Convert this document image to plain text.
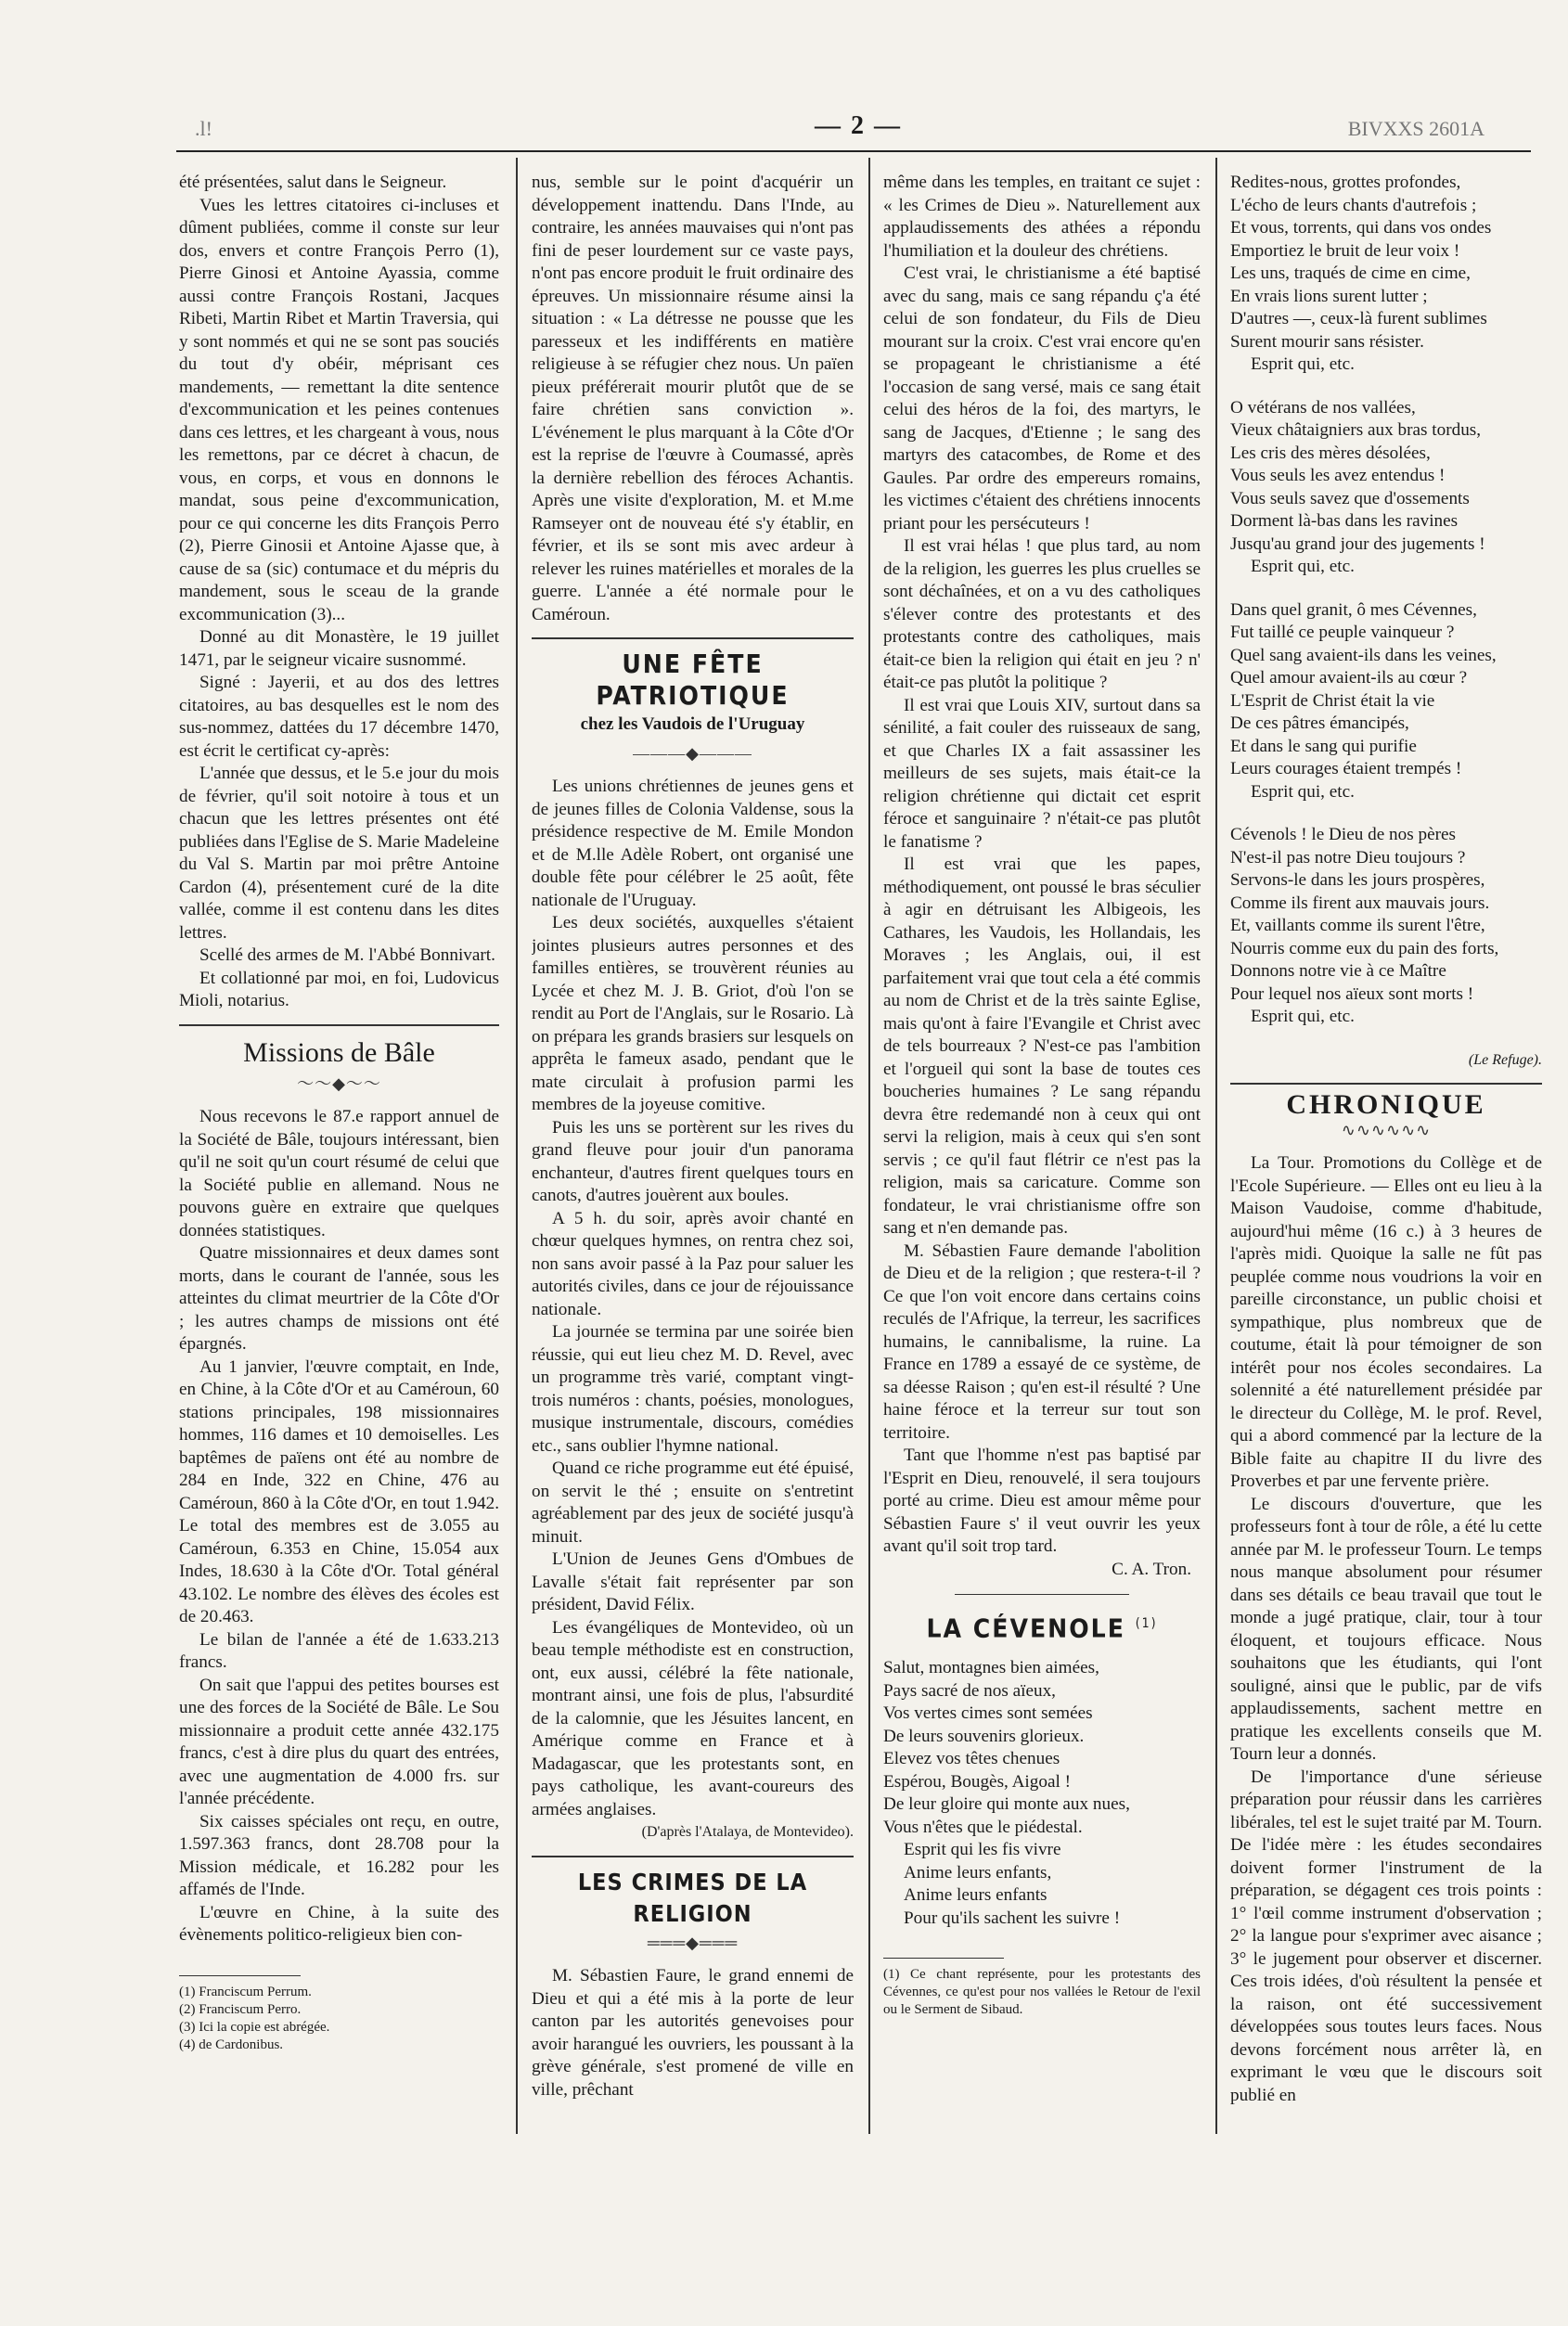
.l!	— 2 —	BIVXXS 2601A

été présentées, salut dans le Seigneur.

Vues les lettres citatoires ci-incluses et dûment publiées, comme il conste sur leur dos, envers et contre François Perro (1), Pierre Ginosi et Antoine Ayassia, comme aussi contre François Rostani, Jacques Ribeti, Martin Ribet et Martin Traversia, qui y sont nommés et qui ne se sont pas souciés du tout d'y obéir, méprisant ces mandements, — remettant la dite sentence d'excommunication et les peines contenues dans ces lettres, et les chargeant à vous, nous les remettons, par ce décret à chacun, de vous, en corps, et vous en donnons le mandat, sous peine d'excommunication, pour ce qui concerne les dits François Perro (2), Pierre Ginosii et Antoine Ajasse que, à cause de sa (sic) contumace et du mépris du mandement, sous le sceau de la grande excommunication (3)...

Donné au dit Monastère, le 19 juillet 1471, par le seigneur vicaire susnommé.

Signé : Jayerii, et au dos des lettres citatoires, au bas desquelles est le nom des sus-nommez, dattées du 17 décembre 1470, est écrit le certificat cy-après:

L'année que dessus, et le 5.e jour du mois de février, qu'il soit notoire à tous et un chacun que les lettres présentes ont été publiées dans l'Eglise de S. Marie Madeleine du Val S. Martin par moi prêtre Antoine Cardon (4), présentement curé de la dite vallée, comme il est contenu dans les dites lettres.

Scellé des armes de M. l'Abbé Bonnivart.

Et collationné par moi, en foi, Ludovicus Mioli, notarius.

Missions de Bâle
～～◆～～

Nous recevons le 87.e rapport annuel de la Société de Bâle, toujours intéressant, bien qu'il ne soit qu'un court résumé de celui que la Société publie en allemand. Nous ne pouvons guère en extraire que quelques données statistiques.

Quatre missionnaires et deux dames sont morts, dans le courant de l'année, sous les atteintes du climat meurtrier de la Côte d'Or ; les autres champs de missions ont été épargnés.

Au 1 janvier, l'œuvre comptait, en Inde, en Chine, à la Côte d'Or et au Caméroun, 60 stations principales, 198 missionnaires hommes, 116 dames et 10 demoiselles. Les baptêmes de païens ont été au nombre de 284 en Inde, 322 en Chine, 476 au Caméroun, 860 à la Côte d'Or, en tout 1.942. Le total des membres est de 3.055 au Caméroun, 6.353 en Chine, 15.054 aux Indes, 18.630 à la Côte d'Or. Total général 43.102. Le nombre des élèves des écoles est de 20.463.

Le bilan de l'année a été de 1.633.213 francs.

On sait que l'appui des petites bourses est une des forces de la Société de Bâle. Le Sou missionnaire a produit cette année 432.175 francs, c'est à dire plus du quart des entrées, avec une augmentation de 4.000 frs. sur l'année précédente.

Six caisses spéciales ont reçu, en outre, 1.597.363 francs, dont 28.708 pour la Mission médicale, et 16.282 pour les affamés de l'Inde.

L'œuvre en Chine, à la suite des évènements politico-religieux bien con-

(1) Franciscum Perrum.

(2) Franciscum Perro.

(3) Ici la copie est abrégée.

(4) de Cardonibus.

nus, semble sur le point d'acquérir un développement inattendu. Dans l'Inde, au contraire, les années mauvaises qui n'ont pas fini de peser lourdement sur ce vaste pays, n'ont pas encore produit le fruit ordinaire des épreuves. Un missionnaire résume ainsi la situation : « La détresse ne pousse que les paresseux et les indifférents en matière religieuse à se réfugier chez nous. Un païen pieux préférerait mourir plutôt que de se faire chrétien sans conviction ». L'événement le plus marquant à la Côte d'Or est la reprise de l'œuvre à Coumassé, après la dernière rebellion des féroces Achantis. Après une visite d'exploration, M. et M.me Ramseyer ont de nouveau été s'y établir, en février, et ils se sont mis avec ardeur à relever les ruines matérielles et morales de la guerre. L'année a été normale pour le Caméroun.

UNE FÊTE PATRIOTIQUE
chez les Vaudois de l'Uruguay
———◆———

Les unions chrétiennes de jeunes gens et de jeunes filles de Colonia Valdense, sous la présidence respective de M. Emile Mondon et de M.lle Adèle Robert, ont organisé une double fête pour célébrer le 25 août, fête nationale de l'Uruguay.

Les deux sociétés, auxquelles s'étaient jointes plusieurs autres personnes et des familles entières, se trouvèrent réunies au Lycée et chez M. J. B. Griot, d'où l'on se rendit au Port de l'Anglais, sur le Rosario. Là on prépara les grands brasiers sur lesquels on apprêta le fameux asado, pendant que le mate circulait à profusion parmi les membres de la joyeuse comitive.

Puis les uns se portèrent sur les rives du grand fleuve pour jouir d'un panorama enchanteur, d'autres firent quelques tours en canots, d'autres jouèrent aux boules.

A 5 h. du soir, après avoir chanté en chœur quelques hymnes, on rentra chez soi, non sans avoir passé à la Paz pour saluer les autorités civiles, dans ce jour de réjouissance nationale.

La journée se termina par une soirée bien réussie, qui eut lieu chez M. D. Revel, avec un programme très varié, comptant vingt-trois numéros : chants, poésies, monologues, musique instrumentale, discours, comédies etc., sans oublier l'hymne national.

Quand ce riche programme eut été épuisé, on servit le thé ; ensuite on s'entretint agréablement par des jeux de société jusqu'à minuit.

L'Union de Jeunes Gens d'Ombues de Lavalle s'était fait représenter par son président, David Félix.

Les évangéliques de Montevideo, où un beau temple méthodiste est en construction, ont, eux aussi, célébré la fête nationale, montrant ainsi, une fois de plus, l'absurdité de la calomnie, que les Jésuites lancent, en Amérique comme en France et à Madagascar, que les protestants sont, en pays catholique, les avant-coureurs des armées anglaises.

(D'après l'Atalaya, de Montevideo).

LES CRIMES DE LA RELIGION
═══◆═══

M. Sébastien Faure, le grand ennemi de Dieu et qui a été mis à la porte de leur canton par les autorités genevoises pour avoir harangué les ouvriers, les poussant à la grève générale, s'est promené de ville en ville, prêchant

même dans les temples, en traitant ce sujet : « les Crimes de Dieu ». Naturellement aux applaudissements des athées a répondu l'humiliation et la douleur des chrétiens.

C'est vrai, le christianisme a été baptisé avec du sang, mais ce sang répandu ç'a été celui de son fondateur, du Fils de Dieu mourant sur la croix. C'est vrai encore qu'en se propageant le christianisme a été l'occasion de sang versé, mais ce sang était celui des héros de la foi, des martyrs, le sang de Jacques, d'Etienne ; le sang des martyrs des catacombes, de Rome et des Gaules. Par ordre des empereurs romains, les victimes c'étaient des chrétiens innocents priant pour les persécuteurs !

Il est vrai hélas ! que plus tard, au nom de la religion, les guerres les plus cruelles se sont déchaînées, et on a vu des catholiques s'élever contre des protestants et des protestants contre des catholiques, mais était-ce bien la religion qui était en jeu ? n' était-ce pas plutôt la politique ?

Il est vrai que Louis XIV, surtout dans sa sénilité, a fait couler des ruisseaux de sang, et que Charles IX a fait assassiner les meilleurs de ses sujets, mais était-ce la religion chrétienne qui dictait cet esprit féroce et sanguinaire ? n'était-ce pas plutôt le fanatisme ?

Il est vrai que les papes, méthodiquement, ont poussé le bras séculier à agir en détruisant les Albigeois, les Cathares, les Vaudois, les Hollandais, les Moraves ; les Anglais, oui, il est parfaitement vrai que tout cela a été commis au nom de Christ et de la très sainte Eglise, mais qu'ont à faire l'Evangile et Christ avec de tels bourreaux ? N'est-ce pas l'ambition et l'orgueil qui sont la base de toutes ces boucheries humaines ? Le sang répandu devra être redemandé non à ceux qui ont servi la religion, mais à ceux qui s'en sont servis ; ce qu'il faut flétrir ce n'est pas la religion, mais sa caricature. Comme son fondateur, le vrai christianisme offre son sang et n'en demande pas.

M. Sébastien Faure demande l'abolition de Dieu et de la religion ; que restera-t-il ? Ce que l'on voit encore dans certains coins reculés de l'Afrique, la terreur, les sacrifices humains, le cannibalisme, la ruine. La France en 1789 a essayé de ce système, de sa déesse Raison ; qu'en est-il résulté ? Une haine féroce et la terreur sur tout son territoire.

Tant que l'homme n'est pas baptisé par l'Esprit en Dieu, renouvelé, il sera toujours porté au crime. Dieu est amour même pour Sébastien Faure s' il veut ouvrir les yeux avant qu'il soit trop tard.

C. A. Tron.

LA CÉVENOLE $^{(1)}$

Salut, montagnes bien aimées,

Pays sacré de nos aïeux,

Vos vertes cimes sont semées

De leurs souvenirs glorieux.

Elevez vos têtes chenues

Espérou, Bougès, Aigoal !

De leur gloire qui monte aux nues,

Vous n'êtes que le piédestal.

Esprit qui les fis vivre

Anime leurs enfants,

Anime leurs enfants

Pour qu'ils sachent les suivre !

(1) Ce chant représente, pour les protestants des Cévennes, ce qu'est pour nos vallées le Retour de l'exil ou le Serment de Sibaud.

Redites-nous, grottes profondes,

L'écho de leurs chants d'autrefois ;

Et vous, torrents, qui dans vos ondes

Emportiez le bruit de leur voix !

Les uns, traqués de cime en cime,

En vrais lions surent lutter ;

D'autres —, ceux-là furent sublimes

Surent mourir sans résister.

Esprit qui, etc.

O vétérans de nos vallées,

Vieux châtaigniers aux bras tordus,

Les cris des mères désolées,

Vous seuls les avez entendus !

Vous seuls savez que d'ossements

Dorment là-bas dans les ravines

Jusqu'au grand jour des jugements !

Esprit qui, etc.

Dans quel granit, ô mes Cévennes,

Fut taillé ce peuple vainqueur ?

Quel sang avaient-ils dans les veines,

Quel amour avaient-ils au cœur ?

L'Esprit de Christ était la vie

De ces pâtres émancipés,

Et dans le sang qui purifie

Leurs courages étaient trempés !

Esprit qui, etc.

Cévenols ! le Dieu de nos pères

N'est-il pas notre Dieu toujours ?

Servons-le dans les jours prospères,

Comme ils firent aux mauvais jours.

Et, vaillants comme ils surent l'être,

Nourris comme eux du pain des forts,

Donnons notre vie à ce Maître

Pour lequel nos aïeux sont morts !

Esprit qui, etc.

(Le Refuge).

CHRONIQUE
∿∿∿∿∿∿

La Tour. Promotions du Collège et de l'Ecole Supérieure. — Elles ont eu lieu à la Maison Vaudoise, comme d'habitude, aujourd'hui même (16 c.) à 3 heures de l'après midi. Quoique la salle ne fût pas peuplée comme nous voudrions la voir en pareille circonstance, un public choisi et sympathique, plus nombreux que de coutume, était là pour témoigner de son intérêt pour nos écoles secondaires. La solennité a été naturellement présidée par le directeur du Collège, M. le prof. Revel, qui a abord commencé par la lecture de la Bible faite au chapitre II du livre des Proverbes et par une fervente prière.

Le discours d'ouverture, que les professeurs font à tour de rôle, a été lu cette année par M. le professeur Tourn. Le temps nous manque absolument pour résumer dans ses détails ce beau travail que tout le monde a jugé pratique, clair, tour à tour éloquent, et toujours efficace. Nous souhaitons que les étudiants, qui l'ont souligné, ainsi que le public, par de vifs applaudissements, sachent mettre en pratique les excellents conseils que M. Tourn leur a donnés.

De l'importance d'une sérieuse préparation pour réussir dans les carrières libérales, tel est le sujet traité par M. Tourn. De l'idée mère : les études secondaires doivent former l'instrument de la préparation, se dégagent ces trois points : 1° l'œil comme instrument d'observation ; 2° la langue pour s'exprimer avec aisance ; 3° le jugement pour observer et discerner. Ces trois idées, d'où résultent la pensée et la raison, ont été successivement développées sous toutes leurs faces. Nous devons forcément nous arrêter là, en exprimant le vœu que le discours soit publié en
